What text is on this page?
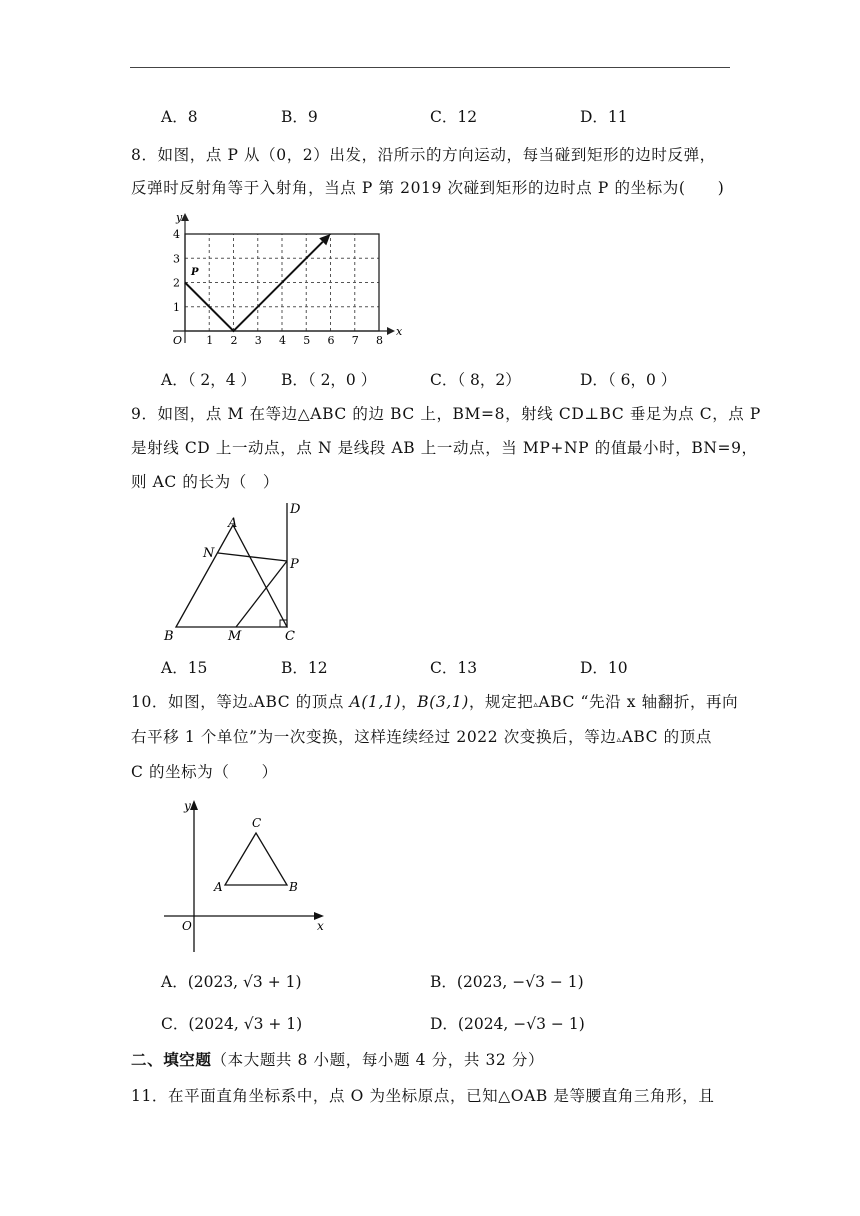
A．8	B．9	C．12	D．11
8．如图，点 P 从（0，2）出发，沿所示的方向运动，每当碰到矩形的边时反弹，
反弹时反射角等于入射角，当点 P 第 2019 次碰到矩形的边时点 P 的坐标为(　　)
y
x
O
P
1 2 3 4 5 6 7 8
1
2
3
4
A．（ 2，4 ） B．（ 2，0 ）	C．（ 8，2）	D．（ 6，0 ）
9．如图，点 M 在等边△ABC 的边 BC 上，BM=8，射线 CD⊥BC 垂足为点 C，点 P
是射线 CD 上一动点，点 N 是线段 AB 上一动点，当 MP+NP 的值最小时，BN=9，
则 AC 的长为（　）
A
B	C
D
M
N
P
A．15	B．12	C．13	D．10
10．如图，等边▵ABC 的顶点 A(1,1)，B(3,1)，规定把▵ABC “先沿 x 轴翻折，再向
右平移 1 个单位”为一次变换，这样连续经过 2022 次变换后，等边▵ABC 的顶点
C 的坐标为（　　）
y
x
O
A	B
C
A．(2023, √3 + 1)	B．(2023, −√3 − 1)
C．(2024, √3 + 1)	D．(2024, −√3 − 1)
二、填空题（本大题共 8 小题，每小题 4 分，共 32 分）
11．在平面直角坐标系中，点 O 为坐标原点，已知△OAB 是等腰直角三角形，且
